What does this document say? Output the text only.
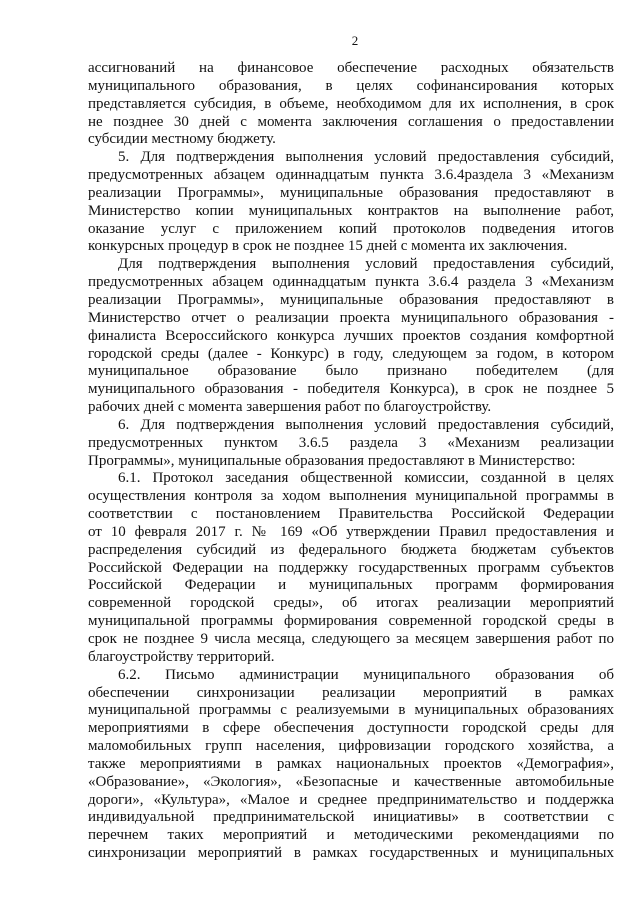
2
ассигнований на финансовое обеспечение расходных обязательств
муниципального образования, в целях софинансирования которых
представляется субсидия, в объеме, необходимом для их исполнения, в срок
не позднее 30 дней с момента заключения соглашения о предоставлении
субсидии местному бюджету.
5. Для подтверждения выполнения условий предоставления субсидий,
предусмотренных абзацем одиннадцатым пункта 3.6.4раздела 3 «Механизм
реализации Программы», муниципальные образования предоставляют в
Министерство копии муниципальных контрактов на выполнение работ,
оказание услуг с приложением копий протоколов подведения итогов
конкурсных процедур в срок не позднее 15 дней с момента их заключения.
Для подтверждения выполнения условий предоставления субсидий,
предусмотренных абзацем одиннадцатым пункта 3.6.4 раздела 3 «Механизм
реализации Программы», муниципальные образования предоставляют в
Министерство отчет о реализации проекта муниципального образования -
финалиста Всероссийского конкурса лучших проектов создания комфортной
городской среды (далее - Конкурс) в году, следующем за годом, в котором
муниципальное образование было признано победителем (для
муниципального образования - победителя Конкурса), в срок не позднее 5
рабочих дней с момента завершения работ по благоустройству.
6. Для подтверждения выполнения условий предоставления субсидий,
предусмотренных пунктом 3.6.5 раздела 3 «Механизм реализации
Программы», муниципальные образования предоставляют в Министерство:
6.1. Протокол заседания общественной комиссии, созданной в целях
осуществления контроля за ходом выполнения муниципальной программы в
соответствии с постановлением Правительства Российской Федерации
от 10 февраля 2017 г. № 169 «Об утверждении Правил предоставления и
распределения субсидий из федерального бюджета бюджетам субъектов
Российской Федерации на поддержку государственных программ субъектов
Российской Федерации и муниципальных программ формирования
современной городской среды», об итогах реализации мероприятий
муниципальной программы формирования современной городской среды в
срок не позднее 9 числа месяца, следующего за месяцем завершения работ по
благоустройству территорий.
6.2. Письмо администрации муниципального образования об
обеспечении синхронизации реализации мероприятий в рамках
муниципальной программы с реализуемыми в муниципальных образованиях
мероприятиями в сфере обеспечения доступности городской среды для
маломобильных групп населения, цифровизации городского хозяйства, а
также мероприятиями в рамках национальных проектов «Демография»,
«Образование», «Экология», «Безопасные и качественные автомобильные
дороги», «Культура», «Малое и среднее предпринимательство и поддержка
индивидуальной предпринимательской инициативы» в соответствии с
перечнем таких мероприятий и методическими рекомендациями по
синхронизации мероприятий в рамках государственных и муниципальных
